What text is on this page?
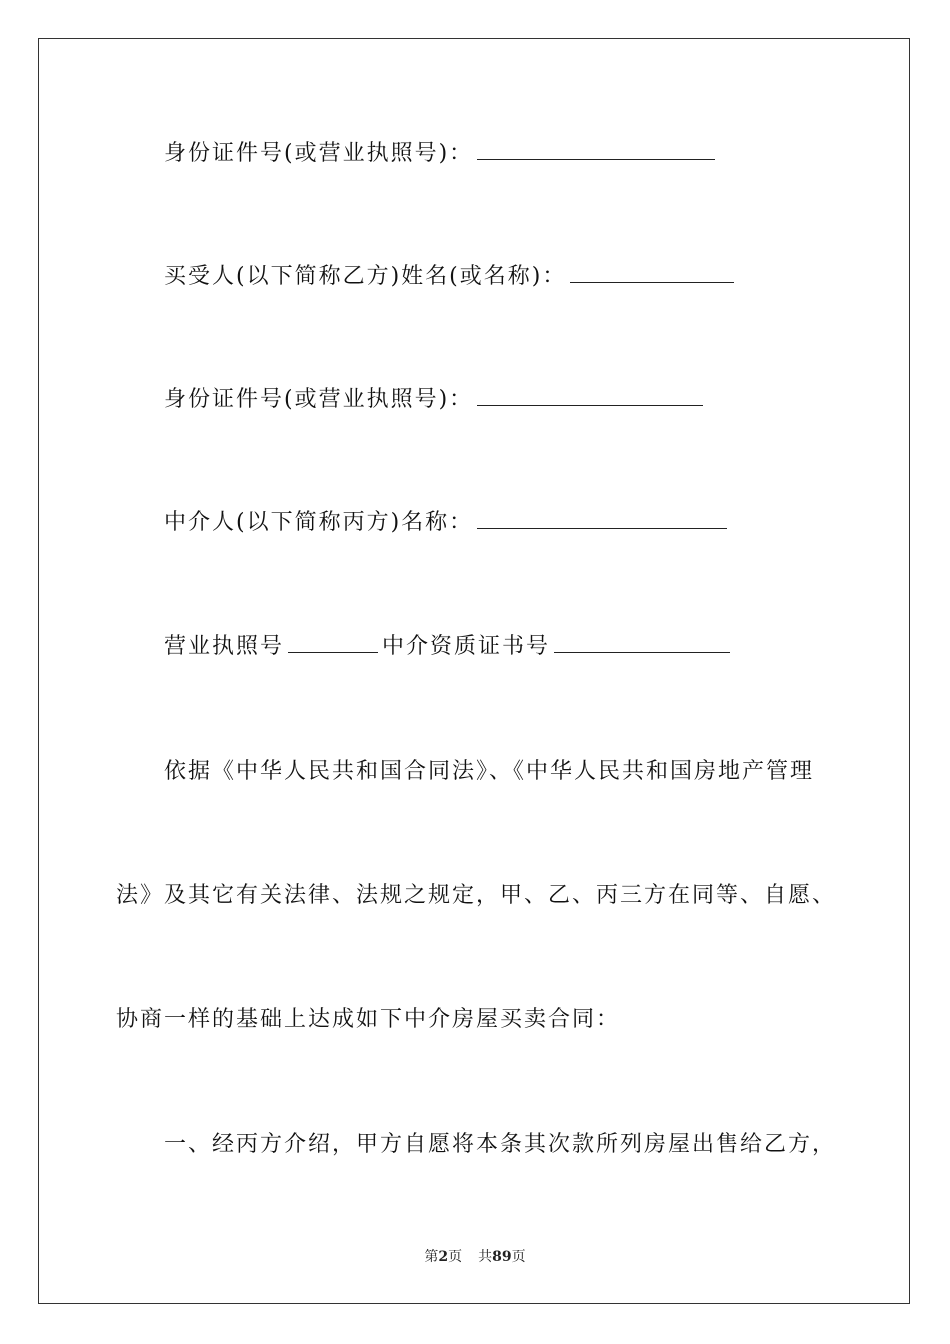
身份证件号(或营业执照号)：
买受人(以下简称乙方)姓名(或名称)：
身份证件号(或营业执照号)：
中介人(以下简称丙方)名称：
营业执照号	中介资质证书号
依据《中华人民共和国合同法》、《中华人民共和国房地产管理
法》及其它有关法律、法规之规定，甲、乙、丙三方在同等、自愿、
协商一样的基础上达成如下中介房屋买卖合同：
一、经丙方介绍，甲方自愿将本条其次款所列房屋出售给乙方，
第2页 共89页
